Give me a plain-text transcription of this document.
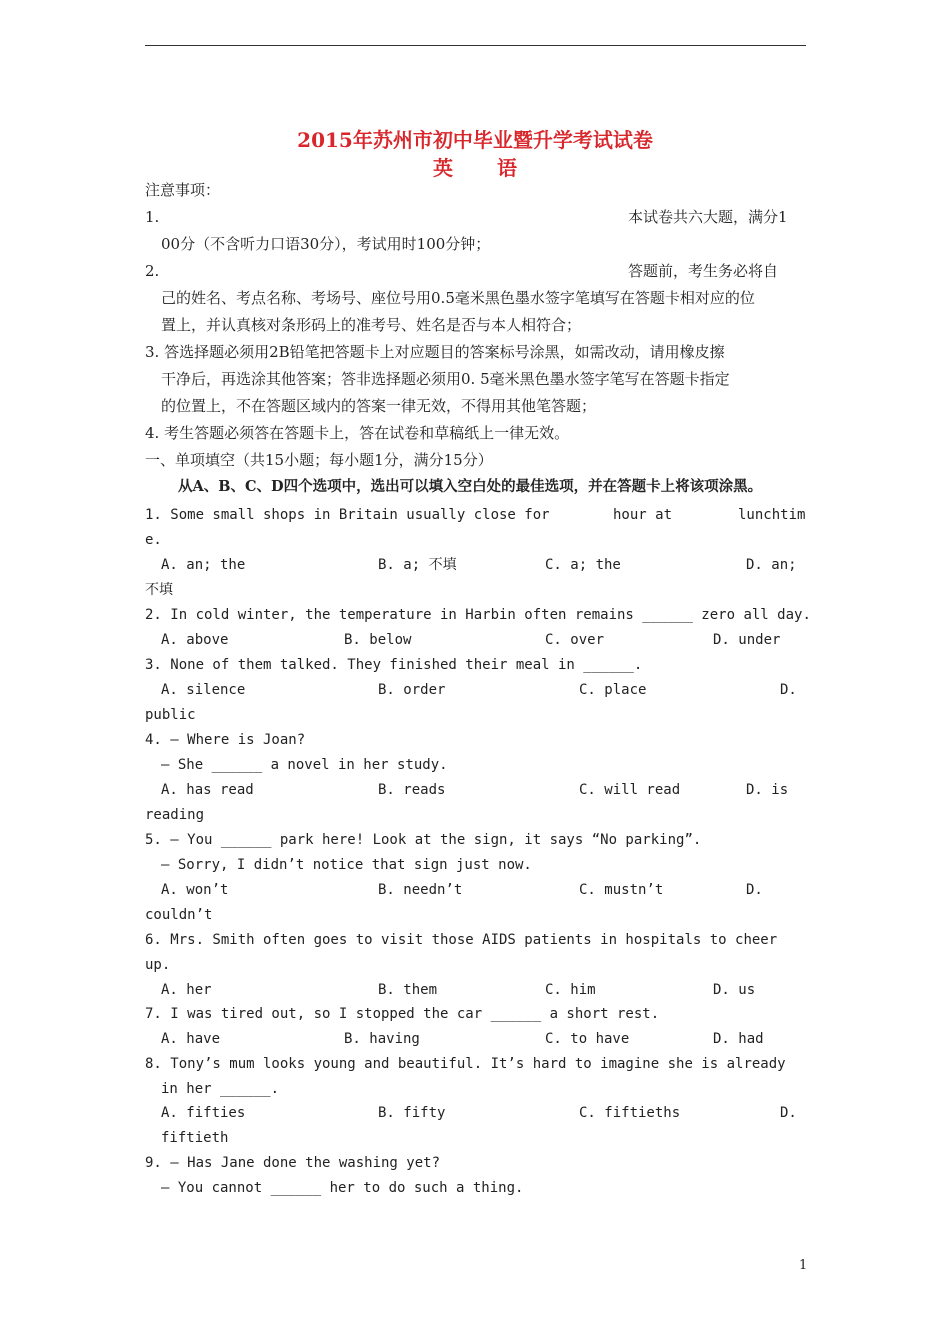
2015年苏州市初中毕业暨升学考试试卷
英语
注意事项：
1.	本试卷共六大题，满分1
00分（不含听力口语30分），考试用时100分钟；
2.	答题前，考生务必将自
己的姓名、考点名称、考场号、座位号用0.5毫米黑色墨水签字笔填写在答题卡相对应的位
置上，并认真核对条形码上的准考号、姓名是否与本人相符合；
3. 答选择题必须用2B铅笔把答题卡上对应题目的答案标号涂黑，如需改动，请用橡皮擦
干净后，再选涂其他答案；答非选择题必须用0. 5毫米黑色墨水签字笔写在答题卡指定
的位置上，不在答题区域内的答案一律无效，不得用其他笔答题；
4. 考生答题必须答在答题卡上，答在试卷和草稿纸上一律无效。
一、单项填空（共15小题；每小题1分，满分15分）
从A、B、C、D四个选项中，选出可以填入空白处的最佳选项，并在答题卡上将该项涂黑。
1. Some small shops in Britain usually close for	hour at	lunchtim
e.
A. an; the	B. a; 不填	C. a; the	D. an;
不填
2. In cold winter, the temperature in Harbin often remains ______ zero all day.
A. above	B. below	C. over	D. under
3. None of them talked. They finished their meal in ______.
A. silence	B. order	C. place	D.
public
4. — Where is Joan?
— She ______ a novel in her study.
A. has read	B. reads	C. will read	D. is
reading
5. — You ______ park here! Look at the sign, it says “No parking”.
— Sorry, I didn’t notice that sign just now.
A. won’t	B. needn’t	C. mustn’t	D.
couldn’t
6. Mrs. Smith often goes to visit those AIDS patients in hospitals to cheer
up.
A. her	B. them	C. him	D. us
7. I was tired out, so I stopped the car ______ a short rest.
A. have	B. having	C. to have	D. had
8. Tony’s mum looks young and beautiful. It’s hard to imagine she is already
in her ______.
A. fifties	B. fifty	C. fiftieths	D.
fiftieth
9. — Has Jane done the washing yet?
— You cannot ______ her to do such a thing.
1
